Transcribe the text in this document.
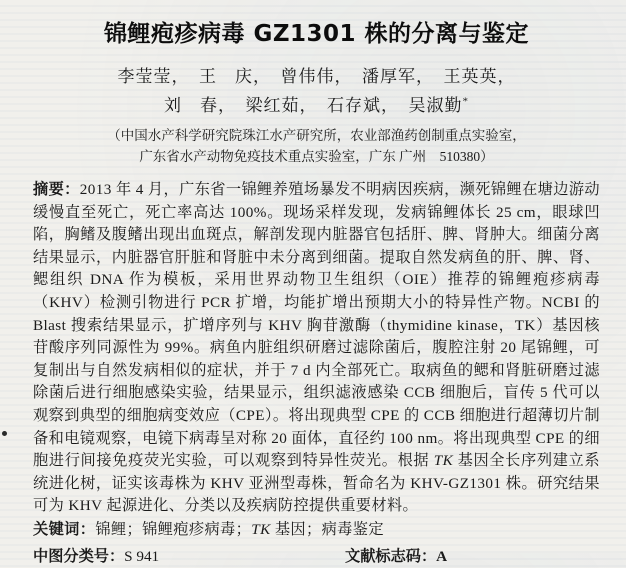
锦鲤疱疹病毒 GZ1301 株的分离与鉴定
李莹莹，　王　庆，　曾伟伟，　潘厚军，　王英英，
刘　春，　梁红茹，　石存斌，　吴淑勤*
（中国水产科学研究院珠江水产研究所，农业部渔药创制重点实验室，
广东省水产动物免疫技术重点实验室，广东 广州　510380）

摘要：2013 年 4 月，广东省一锦鲤养殖场暴发不明病因疾病，濒死锦鲤在塘边游动缓慢直至死亡，死亡率高达 100%。现场采样发现，发病锦鲤体长 25 cm，眼球凹陷，胸鳍及腹鳍出现出血斑点，解剖发现内脏器官包括肝、脾、肾肿大。细菌分离结果显示，内脏器官肝脏和肾脏中未分离到细菌。提取自然发病鱼的肝、脾、肾、鳃组织 DNA 作为模板，采用世界动物卫生组织（OIE）推荐的锦鲤疱疹病毒（KHV）检测引物进行 PCR 扩增，均能扩增出预期大小的特异性产物。NCBI 的 Blast 搜索结果显示，扩增序列与 KHV 胸苷激酶（thymidine kinase，TK）基因核苷酸序列同源性为 99%。病鱼内脏组织研磨过滤除菌后，腹腔注射 20 尾锦鲤，可复制出与自然发病相似的症状，并于 7 d 内全部死亡。取病鱼的鳃和肾脏研磨过滤除菌后进行细胞感染实验，结果显示，组织滤液感染 CCB 细胞后，盲传 5 代可以观察到典型的细胞病变效应（CPE）。将出现典型 CPE 的 CCB 细胞进行超薄切片制备和电镜观察，电镜下病毒呈对称 20 面体，直径约 100 nm。将出现典型 CPE 的细胞进行间接免疫荧光实验，可以观察到特异性荧光。根据 TK 基因全长序列建立系统进化树，证实该毒株为 KHV 亚洲型毒株，暂命名为 KHV-GZ1301 株。研究结果可为 KHV 起源进化、分类以及疾病防控提供重要材料。

关键词：锦鲤；锦鲤疱疹病毒；TK 基因；病毒鉴定

中图分类号：S 941	文献标志码：A
